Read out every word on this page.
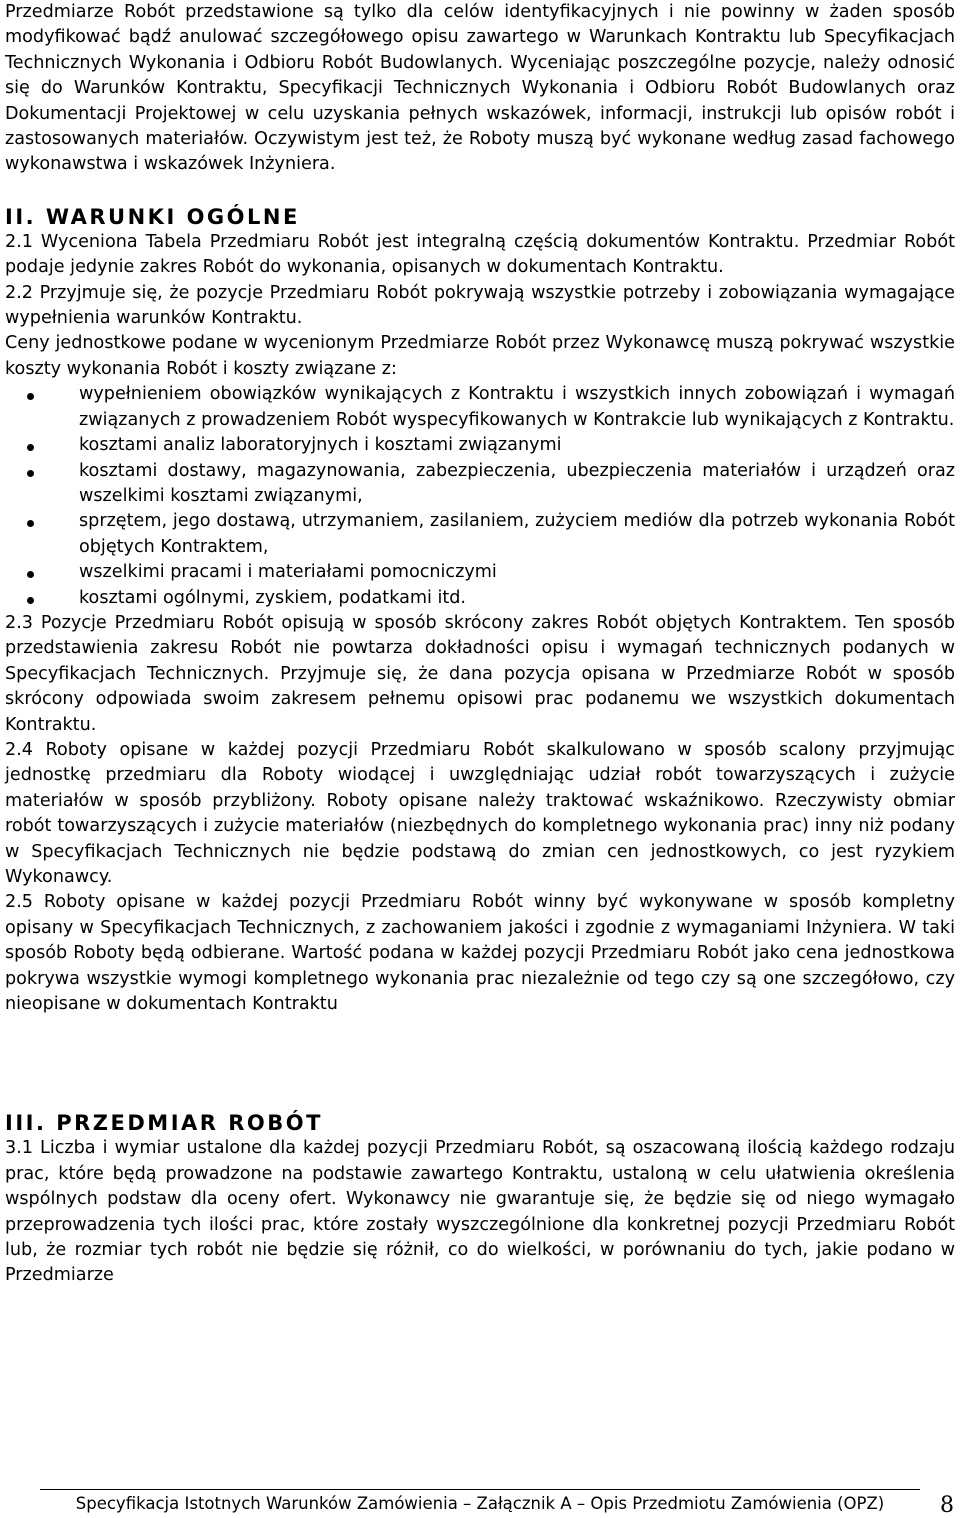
Przedmiarze Robót przedstawione są tylko dla celów identyfikacyjnych i nie powinny w żaden sposób modyfikować bądź anulować szczegółowego opisu zawartego w Warunkach Kontraktu lub Specyfikacjach Technicznych Wykonania i Odbioru Robót Budowlanych. Wyceniając poszczególne pozycje, należy odnosić się do Warunków Kontraktu, Specyfikacji Technicznych Wykonania i Odbioru Robót Budowlanych oraz Dokumentacji Projektowej w celu uzyskania pełnych wskazówek, informacji, instrukcji lub opisów robót i zastosowanych materiałów. Oczywistym jest też, że Roboty muszą być wykonane według zasad fachowego wykonawstwa i wskazówek Inżyniera.

II. WARUNKI OGÓLNE

2.1 Wyceniona Tabela Przedmiaru Robót jest integralną częścią dokumentów Kontraktu. Przedmiar Robót podaje jedynie zakres Robót do wykonania, opisanych w dokumentach Kontraktu.

2.2 Przyjmuje się, że pozycje Przedmiaru Robót pokrywają wszystkie potrzeby i zobowiązania wymagające wypełnienia warunków Kontraktu.

Ceny jednostkowe podane w wycenionym Przedmiarze Robót przez Wykonawcę muszą pokrywać wszystkie koszty wykonania Robót i koszty związane z:

wypełnieniem obowiązków wynikających z Kontraktu i wszystkich innych zobowiązań i wymagań związanych z prowadzeniem Robót wyspecyfikowanych w Kontrakcie lub wynikających z Kontraktu.
kosztami analiz laboratoryjnych i kosztami związanymi
kosztami dostawy, magazynowania, zabezpieczenia, ubezpieczenia materiałów i urządzeń oraz wszelkimi kosztami związanymi,
sprzętem, jego dostawą, utrzymaniem, zasilaniem, zużyciem mediów dla potrzeb wykonania Robót objętych Kontraktem,
wszelkimi pracami i materiałami pomocniczymi
kosztami ogólnymi, zyskiem, podatkami itd.

2.3 Pozycje Przedmiaru Robót opisują w sposób skrócony zakres Robót objętych Kontraktem. Ten sposób przedstawienia zakresu Robót nie powtarza dokładności opisu i wymagań technicznych podanych w Specyfikacjach Technicznych. Przyjmuje się, że dana pozycja opisana w Przedmiarze Robót w sposób skrócony odpowiada swoim zakresem pełnemu opisowi prac podanemu we wszystkich dokumentach Kontraktu.

2.4 Roboty opisane w każdej pozycji Przedmiaru Robót skalkulowano w sposób scalony przyjmując jednostkę przedmiaru dla Roboty wiodącej i uwzględniając udział robót towarzyszących i zużycie materiałów w sposób przybliżony. Roboty opisane należy traktować wskaźnikowo. Rzeczywisty obmiar robót towarzyszących i zużycie materiałów (niezbędnych do kompletnego wykonania prac) inny niż podany w Specyfikacjach Technicznych nie będzie podstawą do zmian cen jednostkowych, co jest ryzykiem Wykonawcy.

2.5 Roboty opisane w każdej pozycji Przedmiaru Robót winny być wykonywane w sposób kompletny opisany w Specyfikacjach Technicznych, z zachowaniem jakości i zgodnie z wymaganiami Inżyniera. W taki sposób Roboty będą odbierane. Wartość podana w każdej pozycji Przedmiaru Robót jako cena jednostkowa pokrywa wszystkie wymogi kompletnego wykonania prac niezależnie od tego czy są one szczegółowo, czy nieopisane w dokumentach Kontraktu

III. PRZEDMIAR ROBÓT

3.1 Liczba i wymiar ustalone dla każdej pozycji Przedmiaru Robót, są oszacowaną ilością każdego rodzaju prac, które będą prowadzone na podstawie zawartego Kontraktu, ustaloną w celu ułatwienia określenia wspólnych podstaw dla oceny ofert. Wykonawcy nie gwarantuje się, że będzie się od niego wymagało przeprowadzenia tych ilości prac, które zostały wyszczególnione dla konkretnej pozycji Przedmiaru Robót lub, że rozmiar tych robót nie będzie się różnił, co do wielkości, w porównaniu do tych, jakie podano w Przedmiarze

Specyfikacja Istotnych Warunków Zamówienia – Załącznik A – Opis Przedmiotu Zamówienia (OPZ)	8
